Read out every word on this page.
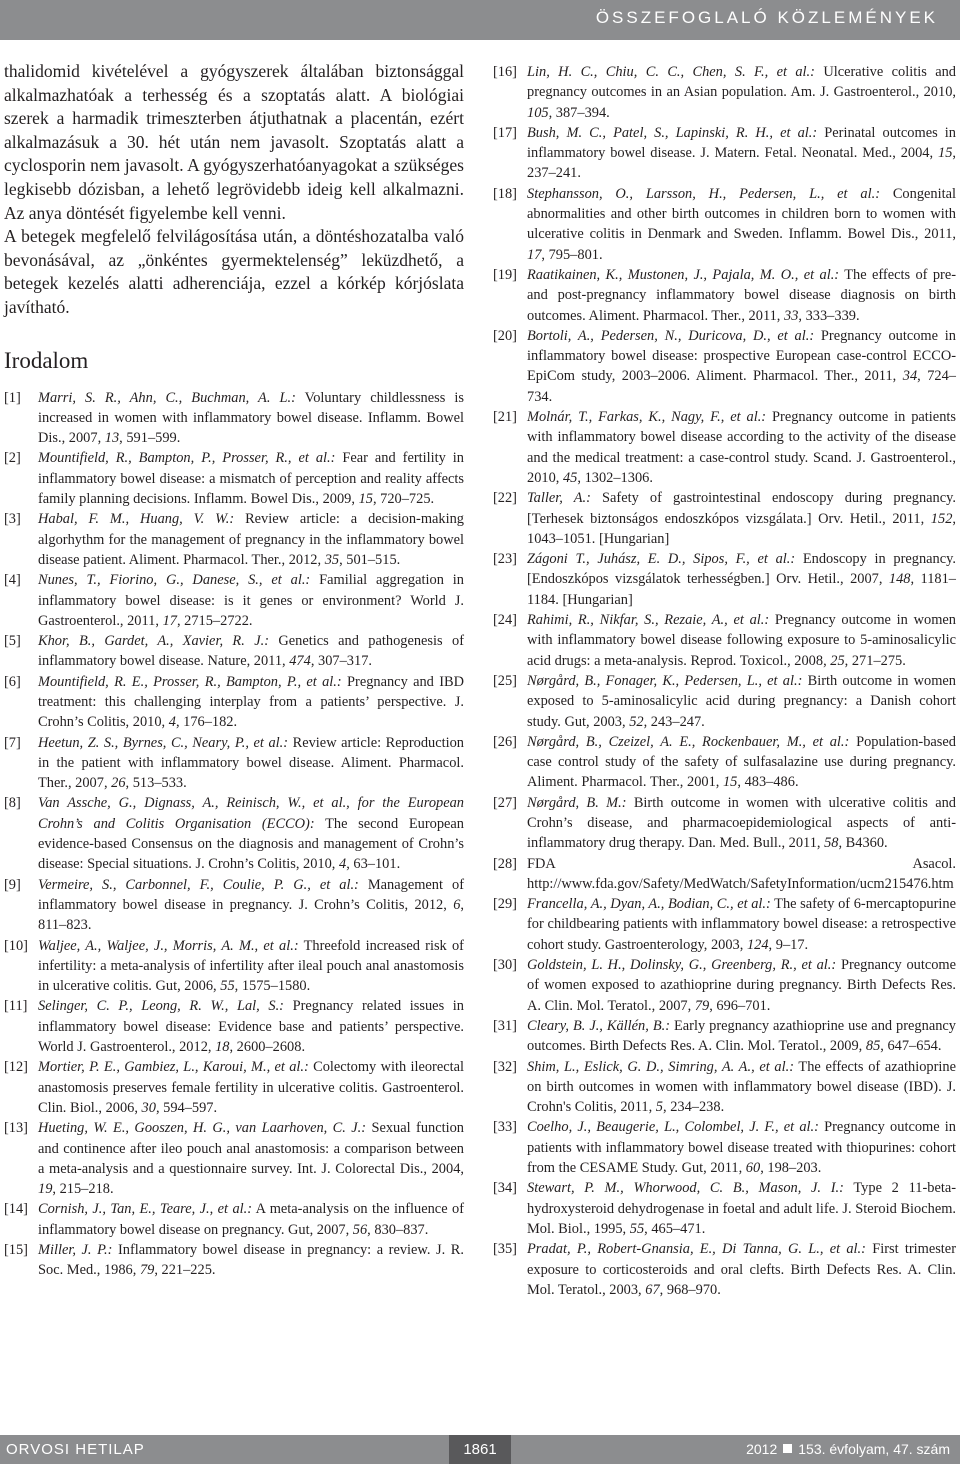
ÖSSZEFOGLALÓ KÖZLEMÉNYEK

thalidomid kivételével a gyógyszerek általában biztonsággal alkalmazhatóak a terhesség és a szoptatás alatt. A biológiai szerek a harmadik trimeszterben átjuthatnak a placentán, ezért alkalmazásuk a 30. hét után nem javasolt. Szoptatás alatt a cyclosporin nem javasolt. A gyógyszerhatóanyagokat a szükséges legkisebb dózisban, a lehető legrövidebb ideig kell alkalmazni. Az anya döntését figyelembe kell venni.

A betegek megfelelő felvilágosítása után, a döntéshozatalba való bevonásával, az „önkéntes gyermektelenség” leküzdhető, a betegek kezelés alatti adherenciája, ezzel a kórkép kórjóslata javítható.

Irodalom
[1]	Marri, S. R., Ahn, C., Buchman, A. L.: Voluntary childlessness is increased in women with inflammatory bowel disease. Inflamm. Bowel Dis., 2007, 13, 591–599.
[2]	Mountifield, R., Bampton, P., Prosser, R., et al.: Fear and fertility in inflammatory bowel disease: a mismatch of perception and reality affects family planning decisions. Inflamm. Bowel Dis., 2009, 15, 720–725.
[3]	Habal, F. M., Huang, V. W.: Review article: a decision-making algorhythm for the management of pregnancy in the inflammatory bowel disease patient. Aliment. Pharmacol. Ther., 2012, 35, 501–515.
[4]	Nunes, T., Fiorino, G., Danese, S., et al.: Familial aggregation in inflammatory bowel disease: is it genes or environment? World J. Gastroenterol., 2011, 17, 2715–2722.
[5]	Khor, B., Gardet, A., Xavier, R. J.: Genetics and pathogenesis of inflammatory bowel disease. Nature, 2011, 474, 307–317.
[6]	Mountifield, R. E., Prosser, R., Bampton, P., et al.: Pregnancy and IBD treatment: this challenging interplay from a patients’ perspective. J. Crohn’s Colitis, 2010, 4, 176–182.
[7]	Heetun, Z. S., Byrnes, C., Neary, P., et al.: Review article: Reproduction in the patient with inflammatory bowel disease. Aliment. Pharmacol. Ther., 2007, 26, 513–533.
[8]	Van Assche, G., Dignass, A., Reinisch, W., et al., for the European Crohn’s and Colitis Organisation (ECCO): The second European evidence-based Consensus on the diagnosis and management of Crohn’s disease: Special situations. J. Crohn’s Colitis, 2010, 4, 63–101.
[9]	Vermeire, S., Carbonnel, F., Coulie, P. G., et al.: Management of inflammatory bowel disease in pregnancy. J. Crohn’s Colitis, 2012, 6, 811–823.
[10] Waljee, A., Waljee, J., Morris, A. M., et al.: Threefold increased risk of infertility: a meta-analysis of infertility after ileal pouch anal anastomosis in ulcerative colitis. Gut, 2006, 55, 1575–1580.
[11] Selinger, C. P., Leong, R. W., Lal, S.: Pregnancy related issues in inflammatory bowel disease: Evidence base and patients’ perspective. World J. Gastroenterol., 2012, 18, 2600–2608.
[12] Mortier, P. E., Gambiez, L., Karoui, M., et al.: Colectomy with ileorectal anastomosis preserves female fertility in ulcerative colitis. Gastroenterol. Clin. Biol., 2006, 30, 594–597.
[13] Hueting, W. E., Gooszen, H. G., van Laarhoven, C. J.: Sexual function and continence after ileo pouch anal anastomosis: a comparison between a meta-analysis and a questionnaire survey. Int. J. Colorectal Dis., 2004, 19, 215–218.
[14] Cornish, J., Tan, E., Teare, J., et al.: A meta-analysis on the influence of inflammatory bowel disease on pregnancy. Gut, 2007, 56, 830–837.
[15] Miller, J. P.: Inflammatory bowel disease in pregnancy: a review. J. R. Soc. Med., 1986, 79, 221–225.
[16] Lin, H. C., Chiu, C. C., Chen, S. F., et al.: Ulcerative colitis and pregnancy outcomes in an Asian population. Am. J. Gastroenterol., 2010, 105, 387–394.
[17] Bush, M. C., Patel, S., Lapinski, R. H., et al.: Perinatal outcomes in inflammatory bowel disease. J. Matern. Fetal. Neonatal. Med., 2004, 15, 237–241.
[18] Stephansson, O., Larsson, H., Pedersen, L., et al.: Congenital abnormalities and other birth outcomes in children born to women with ulcerative colitis in Denmark and Sweden. Inflamm. Bowel Dis., 2011, 17, 795–801.
[19] Raatikainen, K., Mustonen, J., Pajala, M. O., et al.: The effects of pre- and post-pregnancy inflammatory bowel disease diagnosis on birth outcomes. Aliment. Pharmacol. Ther., 2011, 33, 333–339.
[20] Bortoli, A., Pedersen, N., Duricova, D., et al.: Pregnancy outcome in inflammatory bowel disease: prospective European case-control ECCO-EpiCom study, 2003–2006. Aliment. Pharmacol. Ther., 2011, 34, 724–734.
[21] Molnár, T., Farkas, K., Nagy, F., et al.: Pregnancy outcome in patients with inflammatory bowel disease according to the activity of the disease and the medical treatment: a case-control study. Scand. J. Gastroenterol., 2010, 45, 1302–1306.
[22] Taller, A.: Safety of gastrointestinal endoscopy during pregnancy. [Terhesek biztonságos endoszkópos vizsgálata.] Orv. Hetil., 2011, 152, 1043–1051. [Hungarian]
[23] Zágoni T., Juhász, E. D., Sipos, F., et al.: Endoscopy in pregnancy. [Endoszkópos vizsgálatok terhességben.] Orv. Hetil., 2007, 148, 1181–1184. [Hungarian]
[24] Rahimi, R., Nikfar, S., Rezaie, A., et al.: Pregnancy outcome in women with inflammatory bowel disease following exposure to 5-aminosalicylic acid drugs: a meta-analysis. Reprod. Toxicol., 2008, 25, 271–275.
[25] Nørgård, B., Fonager, K., Pedersen, L., et al.: Birth outcome in women exposed to 5-aminosalicylic acid during pregnancy: a Danish cohort study. Gut, 2003, 52, 243–247.
[26] Nørgård, B., Czeizel, A. E., Rockenbauer, M., et al.: Population-based case control study of the safety of sulfasalazine use during pregnancy. Aliment. Pharmacol. Ther., 2001, 15, 483–486.
[27] Nørgård, B. M.: Birth outcome in women with ulcerative colitis and Crohn’s disease, and pharmacoepidemiological aspects of anti-inflammatory drug therapy. Dan. Med. Bull., 2011, 58, B4360.
[28] FDA Asacol. http://www.fda.gov/Safety/MedWatch/SafetyInformation/ucm215476.htm
[29] Francella, A., Dyan, A., Bodian, C., et al.: The safety of 6-mercaptopurine for childbearing patients with inflammatory bowel disease: a retrospective cohort study. Gastroenterology, 2003, 124, 9–17.
[30] Goldstein, L. H., Dolinsky, G., Greenberg, R., et al.: Pregnancy outcome of women exposed to azathioprine during pregnancy. Birth Defects Res. A. Clin. Mol. Teratol., 2007, 79, 696–701.
[31] Cleary, B. J., Källén, B.: Early pregnancy azathioprine use and pregnancy outcomes. Birth Defects Res. A. Clin. Mol. Teratol., 2009, 85, 647–654.
[32] Shim, L., Eslick, G. D., Simring, A. A., et al.: The effects of azathioprine on birth outcomes in women with inflammatory bowel disease (IBD). J. Crohn's Colitis, 2011, 5, 234–238.
[33] Coelho, J., Beaugerie, L., Colombel, J. F., et al.: Pregnancy outcome in patients with inflammatory bowel disease treated with thiopurines: cohort from the CESAME Study. Gut, 2011, 60, 198–203.
[34] Stewart, P. M., Whorwood, C. B., Mason, J. I.: Type 2 11-beta-hydroxysteroid dehydrogenase in foetal and adult life. J. Steroid Biochem. Mol. Biol., 1995, 55, 465–471.
[35] Pradat, P., Robert-Gnansia, E., Di Tanna, G. L., et al.: First trimester exposure to corticosteroids and oral clefts. Birth Defects Res. A. Clin. Mol. Teratol., 2003, 67, 968–970.
ORVOSI HETILAP	1861	2012 153. évfolyam, 47. szám
